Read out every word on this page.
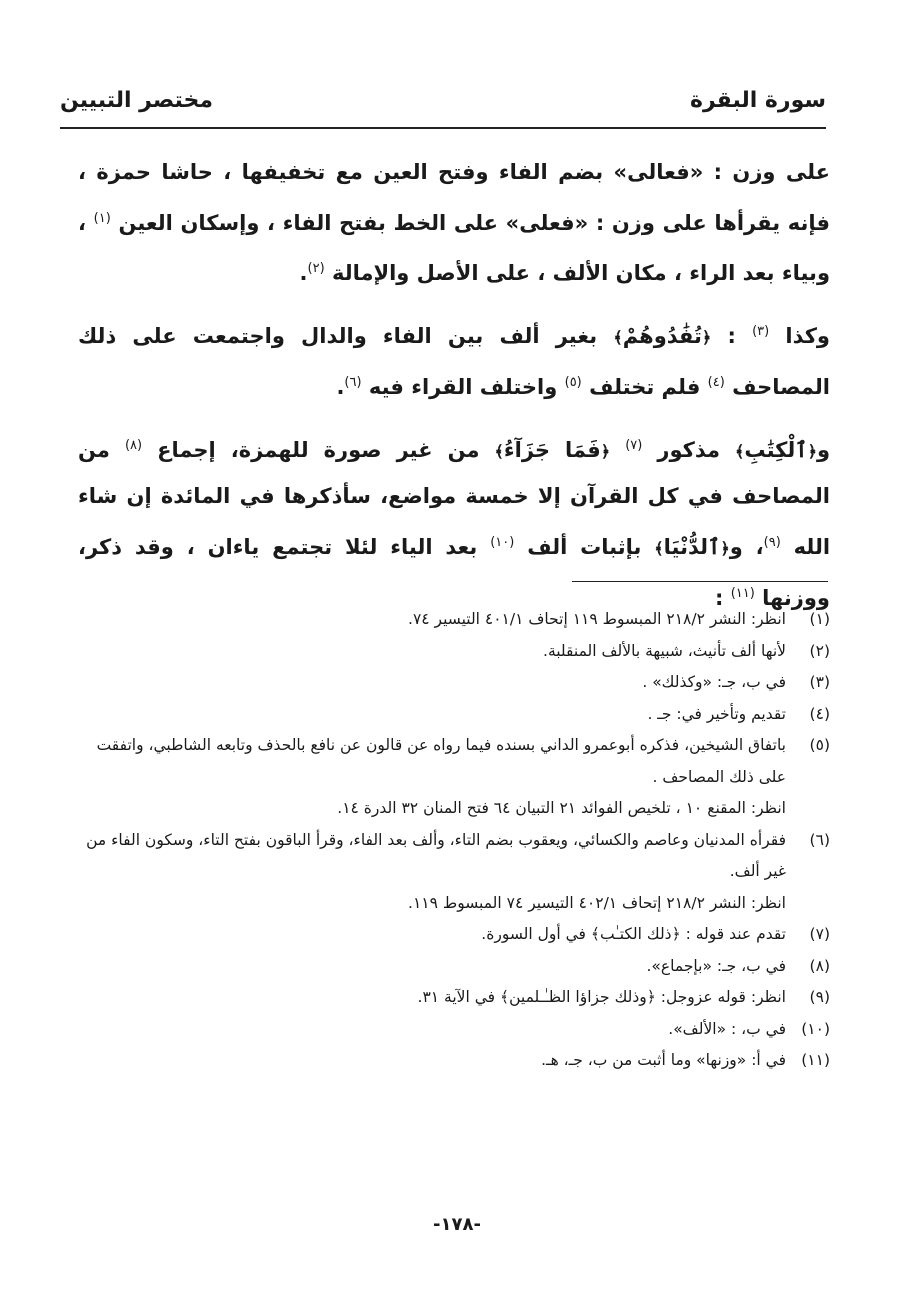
سورة البقرة
مختصر التبيين

على وزن : «فعالى» بضم الفاء وفتح العين مع تخفيفها ، حاشا حمزة ، فإنه يقرأها على وزن : «فعلى» على الخط بفتح الفاء ، وإسكان العين $^{(١)}$ ، وبياء بعد الراء ، مكان الألف ، على الأصل والإمالة $^{(٢)}$.

وكذا $^{(٣)}$ : ﴿تُفَٰدُوهُمْ﴾ بغير ألف بين الفاء والدال واجتمعت على ذلك المصاحف $^{(٤)}$ فلم تختلف $^{(٥)}$ واختلف القراء فيه $^{(٦)}$.

و﴿ٱلْكِتَٰبِ﴾ مذكور $^{(٧)}$ ﴿فَمَا جَزَآءُ﴾ من غير صورة للهمزة، إجماع $^{(٨)}$ من المصاحف في كل القرآن إلا خمسة مواضع، سأذكرها في المائدة إن شاء الله $^{(٩)}$، و﴿ٱلدُّنْيَا﴾ بإثبات ألف $^{(١٠)}$ بعد الياء لئلا تجتمع ياءان ، وقد ذكر، ووزنها $^{(١١)}$ :

(١)
انظر: النشر ٢١٨/٢ المبسوط ١١٩ إتحاف ٤٠١/١ التيسير ٧٤.
(٢)
لأنها ألف تأنيث، شبيهة بالألف المنقلبة.
(٣)
في ب، جـ: «وكذلك» .
(٤)
تقديم وتأخير في: جـ .
(٥)
باتفاق الشيخين، فذكره أبوعمرو الداني بسنده فيما رواه عن قالون عن نافع بالحذف وتابعه الشاطبي، واتفقت على ذلك المصاحف .
انظر: المقنع ١٠ ، تلخيص الفوائد ٢١ التبيان ٦٤ فتح المنان ٣٢ الدرة ١٤.
(٦)
فقرأه المدنيان وعاصم والكسائي، ويعقوب بضم التاء، وألف بعد الفاء، وقرأ الباقون بفتح التاء، وسكون الفاء من غير ألف.
انظر: النشر ٢١٨/٢ إتحاف ٤٠٢/١ التيسير ٧٤ المبسوط ١١٩.
(٧)
تقدم عند قوله : ﴿ذلك الكتـٰب﴾ في أول السورة.
(٨)
في ب، جـ: «بإجماع».
(٩)
انظر: قوله عزوجل: ﴿وذلك جزاؤا الظـٰـلمين﴾ في الآية ٣١.
(١٠)
في ب، : «الألف».
(١١)
في أ: «وزنها» وما أثبت من ب، جـ، هـ.
-١٧٨-
